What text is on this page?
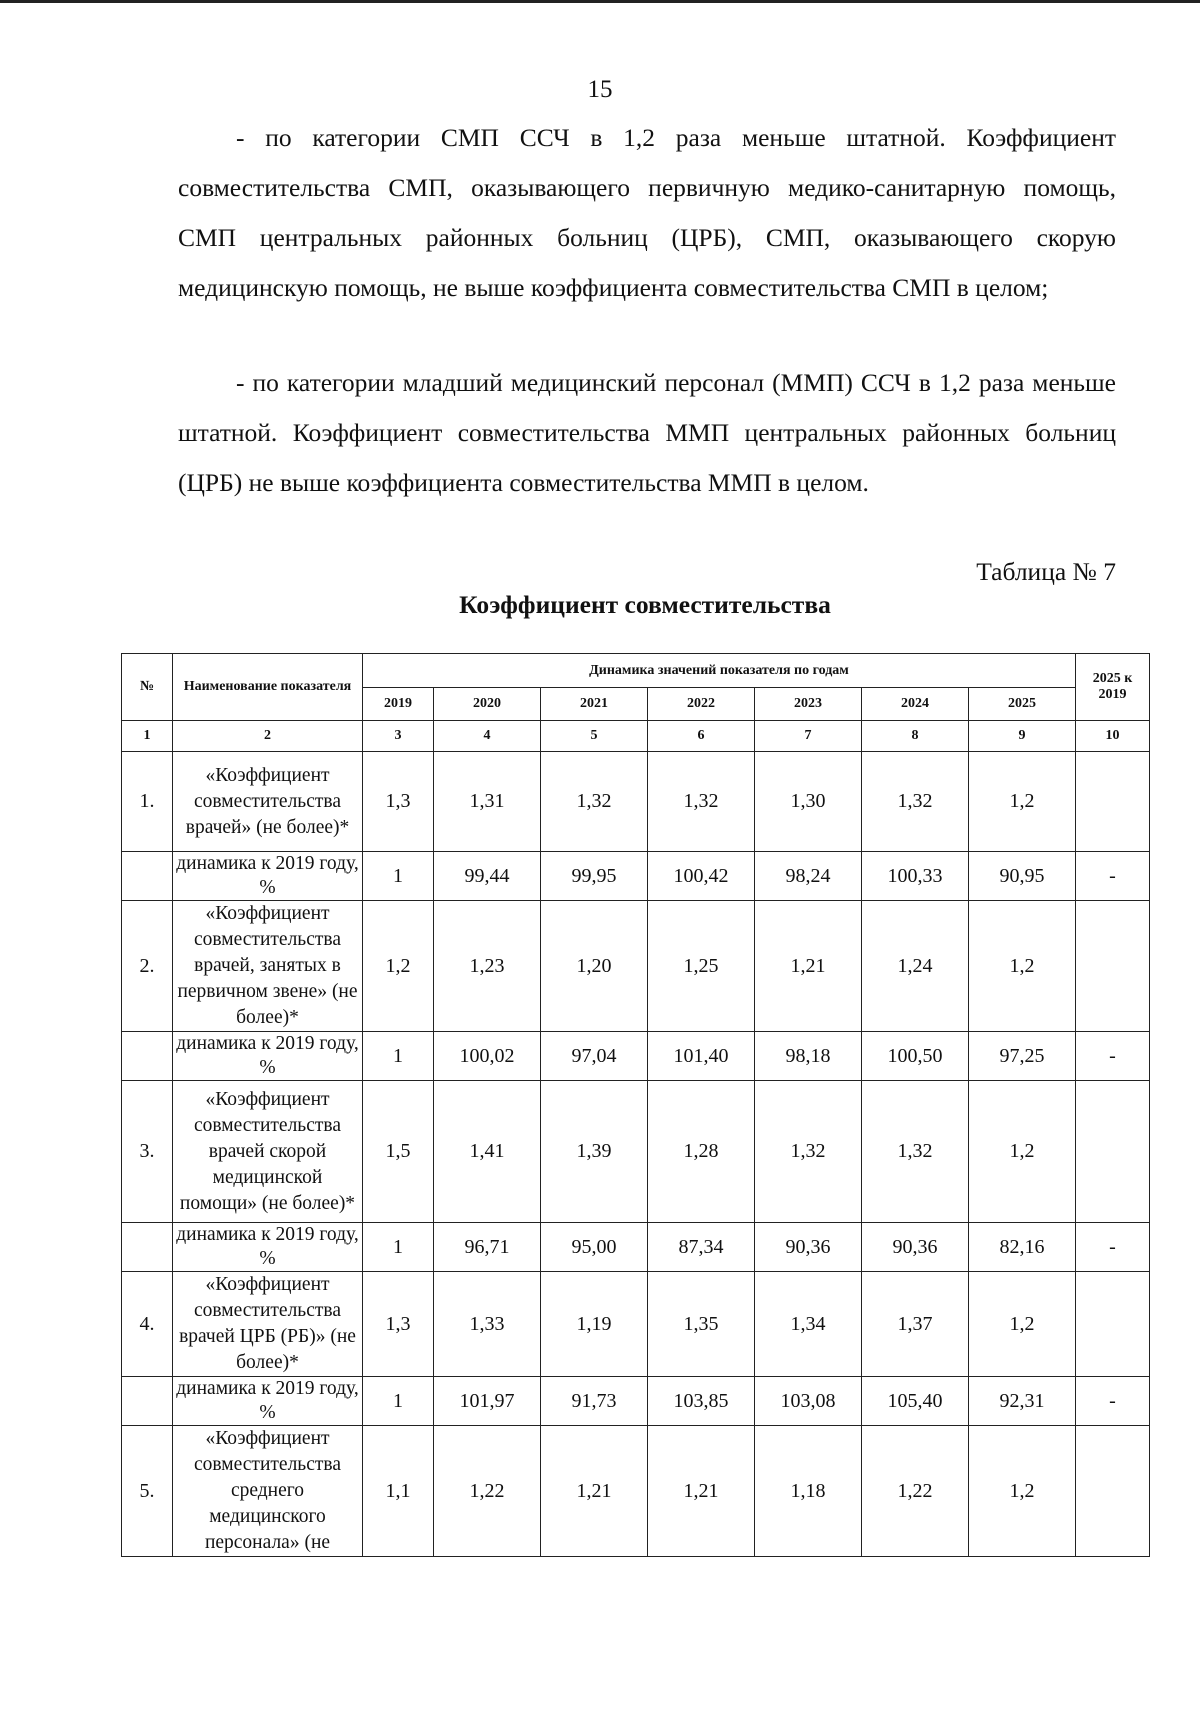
15

- по категории СМП ССЧ в 1,2 раза меньше штатной. Коэффициент совместительства СМП, оказывающего первичную медико-санитарную помощь, СМП центральных районных больниц (ЦРБ), СМП, оказывающего скорую медицинскую помощь, не выше коэффициента совместительства СМП в целом;

- по категории младший медицинский персонал (ММП) ССЧ в 1,2 раза меньше штатной. Коэффициент совместительства ММП центральных районных больниц (ЦРБ) не выше коэффициента совместительства ММП в целом.

Таблица № 7
Коэффициент совместительства
№	Наименование показателя	Динамика значений показателя по годам							2025 к 2019
		2019	2020	2021	2022	2023	2024	2025	
1	2	3	4	5	6	7	8	9	10
1.	«Коэффициент совместительства врачей» (не более)*	1,3	1,31	1,32	1,32	1,30	1,32	1,2	
	динамика к 2019 году, %	1	99,44	99,95	100,42	98,24	100,33	90,95	-
2.	«Коэффициент совместительства врачей, занятых в первичном звене» (не более)*	1,2	1,23	1,20	1,25	1,21	1,24	1,2	
	динамика к 2019 году, %	1	100,02	97,04	101,40	98,18	100,50	97,25	-
3.	«Коэффициент совместительства врачей скорой медицинской помощи» (не более)*	1,5	1,41	1,39	1,28	1,32	1,32	1,2	
	динамика к 2019 году, %	1	96,71	95,00	87,34	90,36	90,36	82,16	-
4.	«Коэффициент совместительства врачей ЦРБ (РБ)» (не более)*	1,3	1,33	1,19	1,35	1,34	1,37	1,2	
	динамика к 2019 году, %	1	101,97	91,73	103,85	103,08	105,40	92,31	-
5.	«Коэффициент совместительства среднего медицинского персонала» (не	1,1	1,22	1,21	1,21	1,18	1,22	1,2	
